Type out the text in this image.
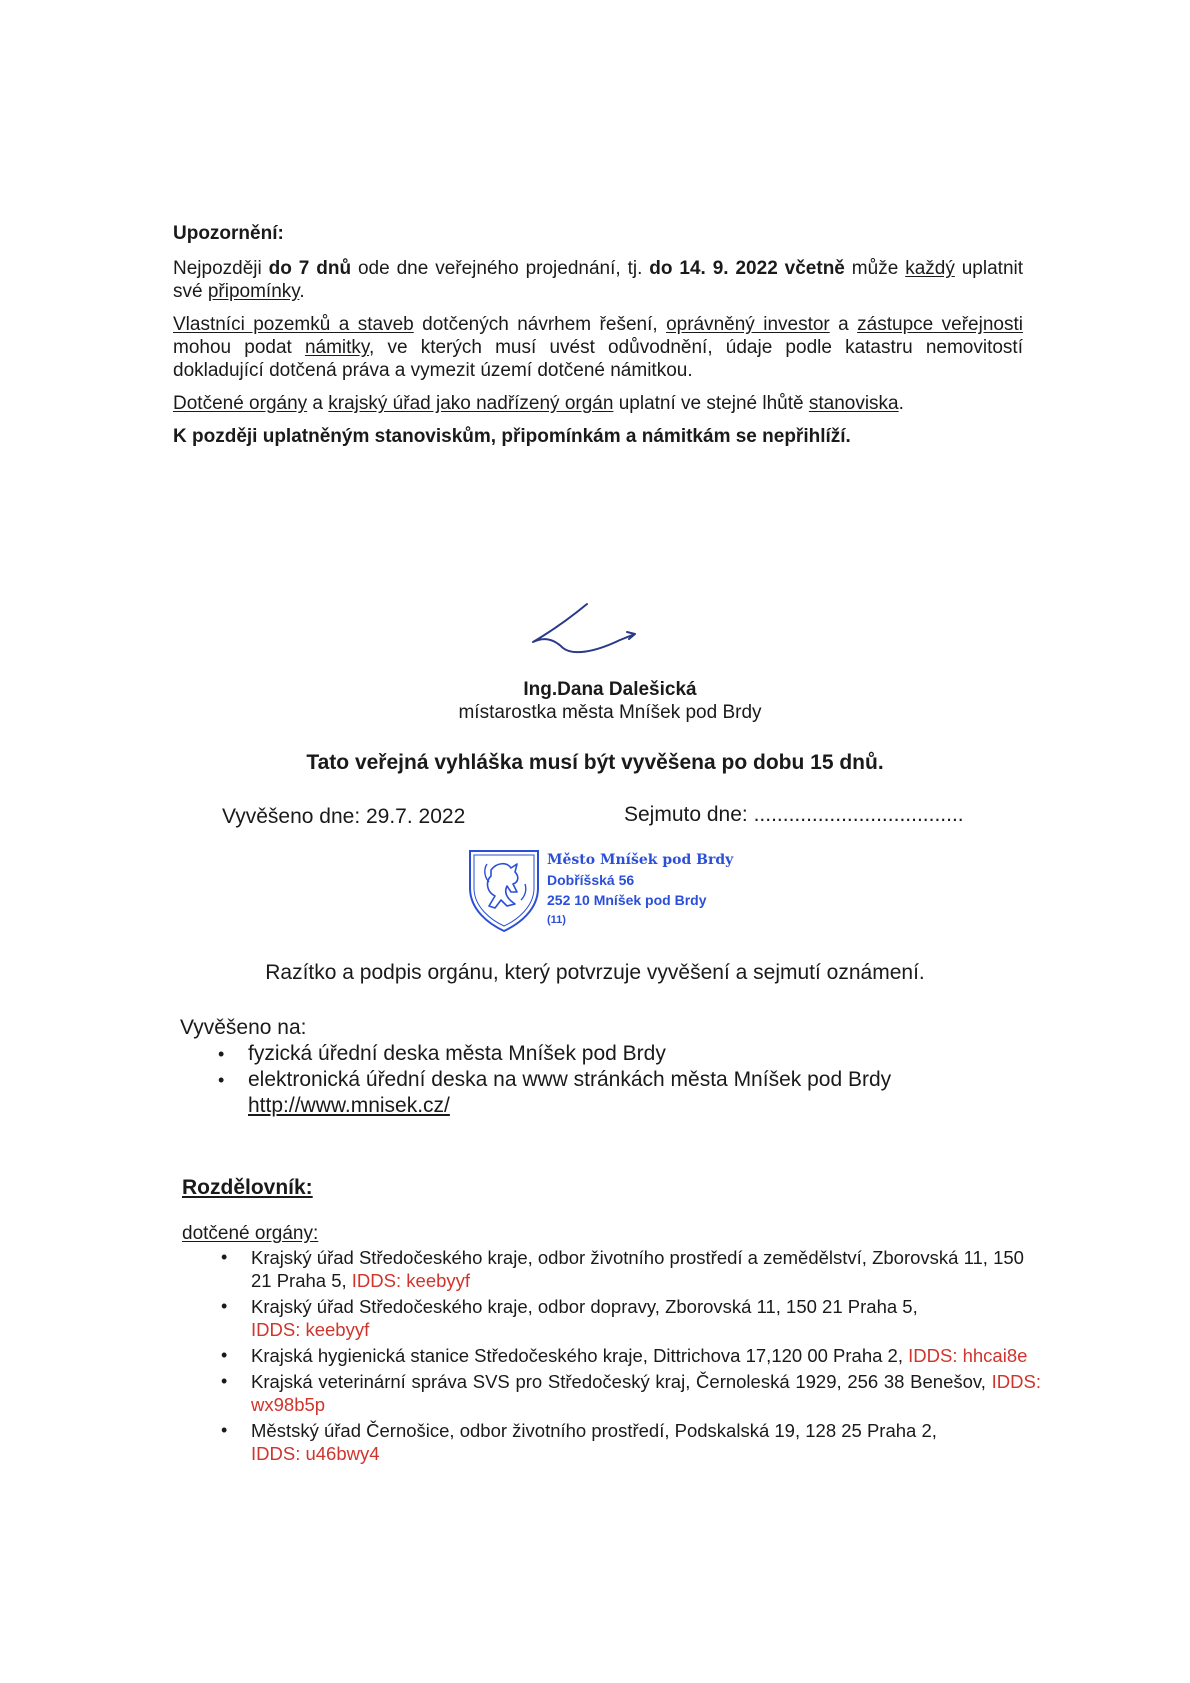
Upozornění:

Nejpozději do 7 dnů ode dne veřejného projednání, tj. do 14. 9. 2022 včetně může každý uplatnit své připomínky.

Vlastníci pozemků a staveb dotčených návrhem řešení, oprávněný investor a zástupce veřejnosti mohou podat námitky, ve kterých musí uvést odůvodnění, údaje podle katastru nemovitostí dokladující dotčená práva a vymezit území dotčené námitkou.

Dotčené orgány a krajský úřad jako nadřízený orgán uplatní ve stejné lhůtě stanoviska.

K později uplatněným stanoviskům, připomínkám a námitkám se nepřihlíží.

Ing.Dana Dalešická
místarostka města Mníšek pod Brdy
Tato veřejná vyhláška musí být vyvěšena po dobu 15 dnů.
Vyvěšeno dne: 29.7. 2022	Sejmuto dne: ....................................
Město Mníšek pod Brdy
Dobříšská 56
252 10 Mníšek pod Brdy
(11)
Razítko a podpis orgánu, který potvrzuje vyvěšení a sejmutí oznámení.
Vyvěšeno na:
• fyzická úřední deska města Mníšek pod Brdy
• elektronická úřední deska na www stránkách města Mníšek pod Brdy
http://www.mnisek.cz/
Rozdělovník:
dotčené orgány:
• Krajský úřad Středočeského kraje, odbor životního prostředí a zemědělství, Zborovská 11, 150 21 Praha 5, IDDS: keebyyf
• Krajský úřad Středočeského kraje, odbor dopravy, Zborovská 11, 150 21 Praha 5,
IDDS: keebyyf
• Krajská hygienická stanice Středočeského kraje, Dittrichova 17,120 00 Praha 2, IDDS: hhcai8e
• Krajská veterinární správa SVS pro Středočeský kraj, Černoleská 1929, 256 38 Benešov, IDDS: wx98b5p
• Městský úřad Černošice, odbor životního prostředí, Podskalská 19, 128 25 Praha 2,
IDDS: u46bwy4
